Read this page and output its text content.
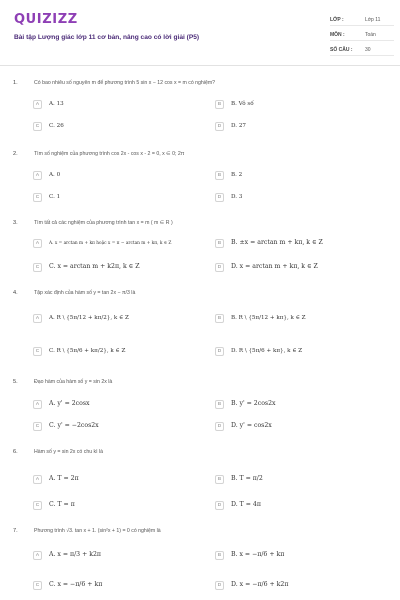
QUIZIZZ
Bài tập Lượng giác lớp 11 cơ bản, nâng cao có lời giải (P5)
LỚP :	Lớp 11
MÔN :	Toán
SỐ CÂU :	30
1.	Có bao nhiêu số nguyên m để phương trình 5 sin x − 12 cos x = m có nghiệm?
A	A. 13	B	B. Vô số
C	C. 26	D	D. 27
2.	Tìm số nghiệm của phương trình cos 2x - cos x - 2 = 0, x ∈ 0; 2π
A	A. 0	B	B. 2
C	C. 1	D	D. 3
3.	Tìm tất cả các nghiệm của phương trình tan x = m ( m ∈ R )
A	A. x = arctan m + kπ hoặc x = π − arctan m + kπ, k ∈ Z	B	B. ±x = arctan m + kπ, k ∈ Z
C	C. x = arctan m + k2π, k ∈ Z	D	D. x = arctan m + kπ, k ∈ Z
4.	Tập xác định của hàm số y = tan 2x − π/3 là
A	A. R \ {5π/12 + kπ/2}, k ∈ Z	B	B. R \ {5π/12 + kπ}, k ∈ Z
C	C. R \ {5π/6 + kπ/2}, k ∈ Z	D	D. R \ {5π/6 + kπ}, k ∈ Z
5.	Đạo hàm của hàm số y = sin 2x là
A	A. y' = 2cosx	B	B. y' = 2cos2x
C	C. y' = −2cos2x	D	D. y' = cos2x
6.	Hàm số y = sin 2x có chu kì là
A	A. T = 2π	B	B. T = π/2
C	C. T = π	D	D. T = 4π
7.	Phương trình √3. tan x + 1. (sin²x + 1) = 0 có nghiệm là
A	A. x = π/3 + k2π	B	B. x = −π/6 + kπ
C	C. x = −π/6 + kπ	D	D. x = −π/6 + k2π
